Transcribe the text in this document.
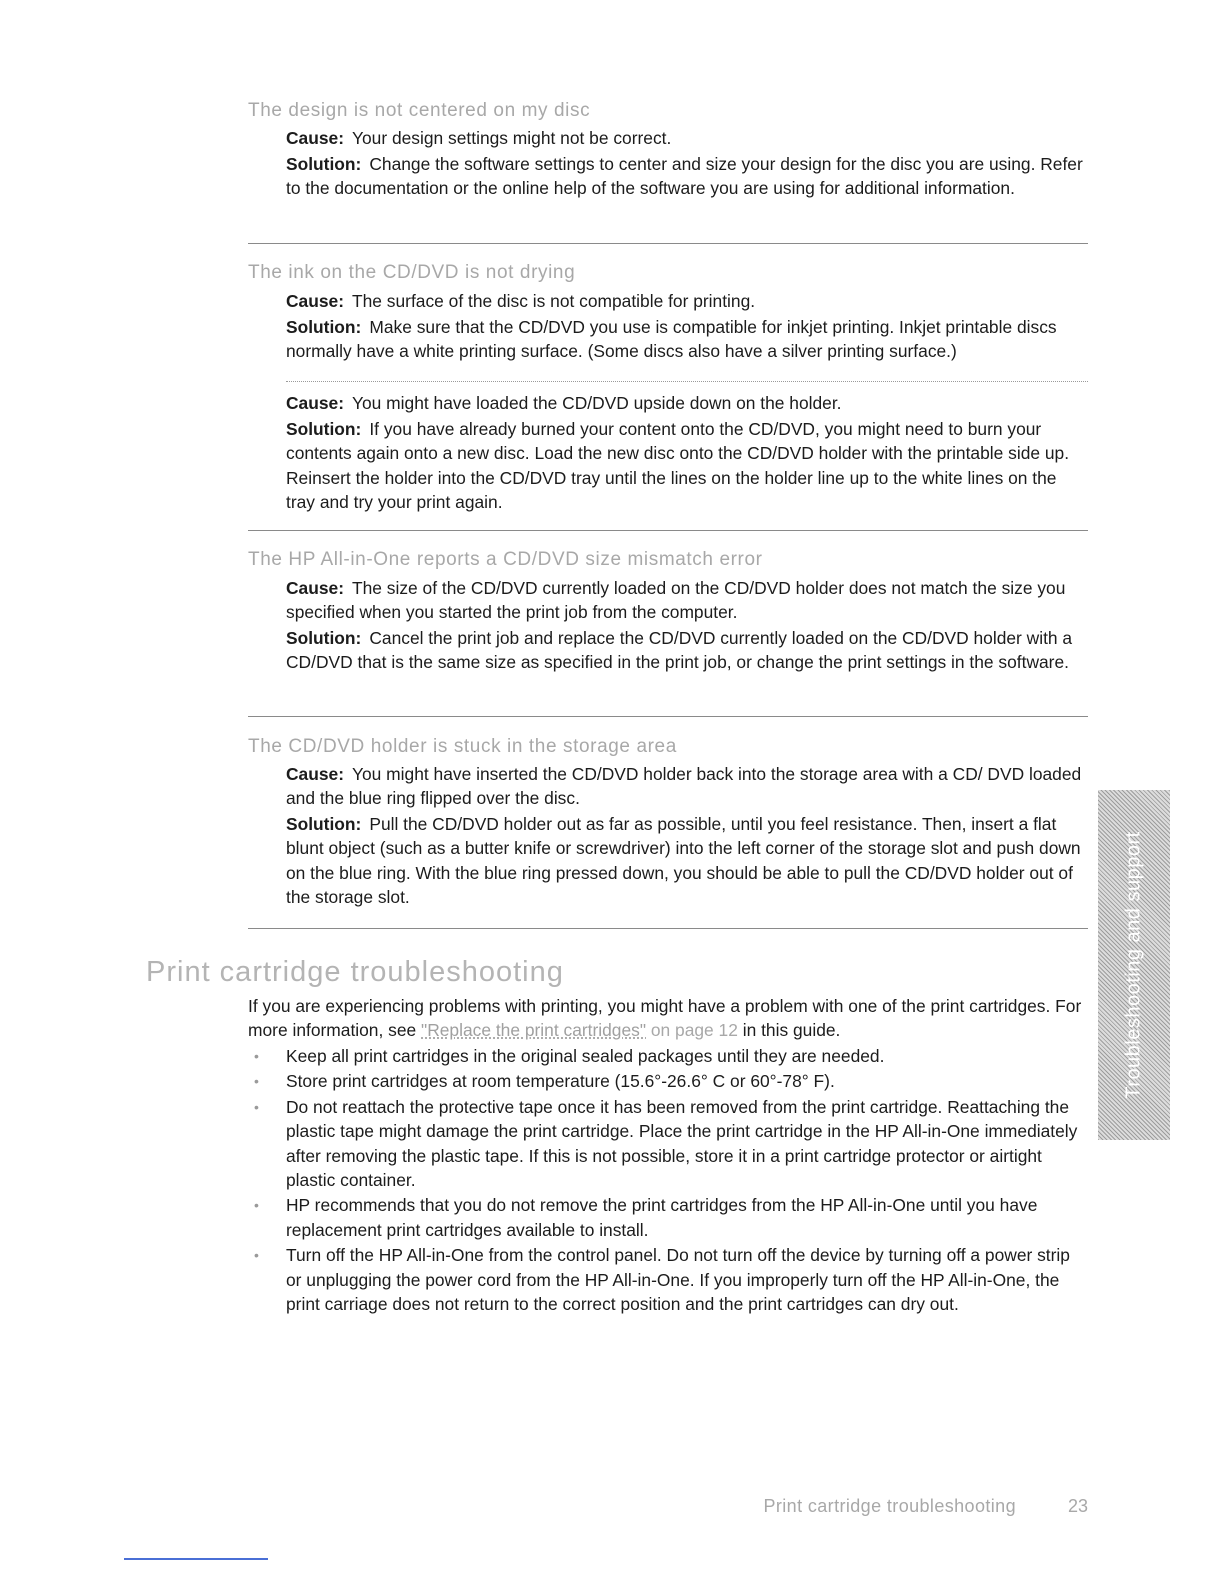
The design is not centered on my disc

Cause: Your design settings might not be correct.

Solution: Change the software settings to center and size your design for the disc you are using. Refer to the documentation or the online help of the software you are using for additional information.

The ink on the CD/DVD is not drying

Cause: The surface of the disc is not compatible for printing.

Solution: Make sure that the CD/DVD you use is compatible for inkjet printing. Inkjet printable discs normally have a white printing surface. (Some discs also have a silver printing surface.)

Cause: You might have loaded the CD/DVD upside down on the holder.

Solution: If you have already burned your content onto the CD/DVD, you might need to burn your contents again onto a new disc. Load the new disc onto the CD/DVD holder with the printable side up. Reinsert the holder into the CD/DVD tray until the lines on the holder line up to the white lines on the tray and try your print again.

The HP All-in-One reports a CD/DVD size mismatch error

Cause: The size of the CD/DVD currently loaded on the CD/DVD holder does not match the size you specified when you started the print job from the computer.

Solution: Cancel the print job and replace the CD/DVD currently loaded on the CD/DVD holder with a CD/DVD that is the same size as specified in the print job, or change the print settings in the software.

The CD/DVD holder is stuck in the storage area

Cause: You might have inserted the CD/DVD holder back into the storage area with a CD/ DVD loaded and the blue ring flipped over the disc.

Solution: Pull the CD/DVD holder out as far as possible, until you feel resistance. Then, insert a flat blunt object (such as a butter knife or screwdriver) into the left corner of the storage slot and push down on the blue ring. With the blue ring pressed down, you should be able to pull the CD/DVD holder out of the storage slot.

Print cartridge troubleshooting

If you are experiencing problems with printing, you might have a problem with one of the print cartridges. For more information, see "Replace the print cartridges" on page 12 in this guide.

• Keep all print cartridges in the original sealed packages until they are needed.
• Store print cartridges at room temperature (15.6°-26.6° C or 60°-78° F).
• Do not reattach the protective tape once it has been removed from the print cartridge. Reattaching the plastic tape might damage the print cartridge. Place the print cartridge in the HP All-in-One immediately after removing the plastic tape. If this is not possible, store it in a print cartridge protector or airtight plastic container.
• HP recommends that you do not remove the print cartridges from the HP All-in-One until you have replacement print cartridges available to install.
• Turn off the HP All-in-One from the control panel. Do not turn off the device by turning off a power strip or unplugging the power cord from the HP All-in-One. If you improperly turn off the HP All-in-One, the print carriage does not return to the correct position and the print cartridges can dry out.
Troubleshooting and support

Print cartridge troubleshooting	23
